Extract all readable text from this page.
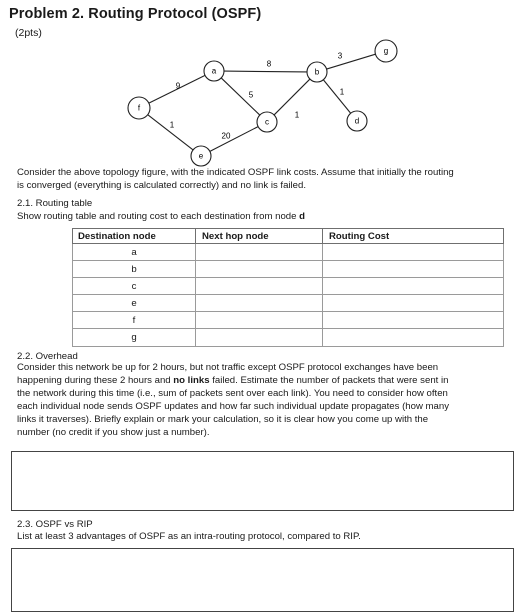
Problem 2. Routing Protocol (OSPF)
(2pts)
9
1
8
5
20
1
3
1
a	b
c	d
e
f
g
Consider the above topology figure, with the indicated OSPF link costs. Assume that initially the routing
is converged (everything is calculated correctly) and no link is failed.
2.1. Routing table
Show routing table and routing cost to each destination from node d
Destination node	Next hop node	Routing Cost
a		
b		
c		
e		
f		
g		
2.2. Overhead
Consider this network be up for 2 hours, but not traffic except OSPF protocol exchanges have been
happening during these 2 hours and no links failed. Estimate the number of packets that were sent in
the network during this time (i.e., sum of packets sent over each link). You need to consider how often
each individual node sends OSPF updates and how far such individual update propagates (how many
links it traverses). Briefly explain or mark your calculation, so it is clear how you come up with the
number (no credit if you show just a number).
2.3. OSPF vs RIP
List at least 3 advantages of OSPF as an intra-routing protocol, compared to RIP.
